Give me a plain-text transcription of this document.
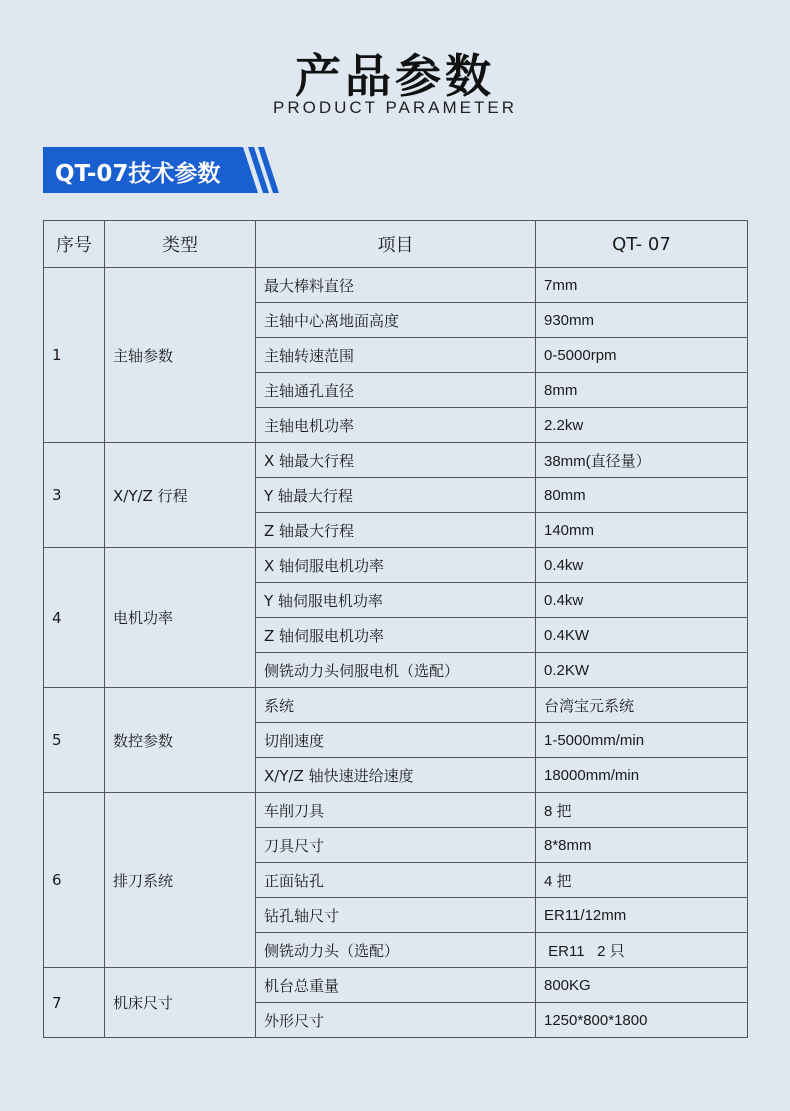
产品参数
PRODUCT PARAMETER
QT-07技术参数
序号	类型	项目	QT- 07
1	主轴参数	最大棒料直径	7mm
		主轴中心离地面高度	930mm
		主轴转速范围	0-5000rpm
		主轴通孔直径	8mm
		主轴电机功率	2.2kw
3	X/Y/Z 行程	X 轴最大行程	38mm(直径量）
		Y 轴最大行程	80mm
		Z 轴最大行程	140mm
4	电机功率	X 轴伺服电机功率	0.4kw
		Y 轴伺服电机功率	0.4kw
		Z 轴伺服电机功率	0.4KW
		侧铣动力头伺服电机（选配）	0.2KW
5	数控参数	系统	台湾宝元系统
		切削速度	1-5000mm/min
		X/Y/Z 轴快速进给速度	18000mm/min
6	排刀系统	车削刀具	8 把
		刀具尺寸	8*8mm
		正面钻孔	4 把
		钻孔轴尺寸	ER11/12mm
		侧铣动力头（选配）	ER11   2 只
7	机床尺寸	机台总重量	800KG
		外形尺寸	1250*800*1800
